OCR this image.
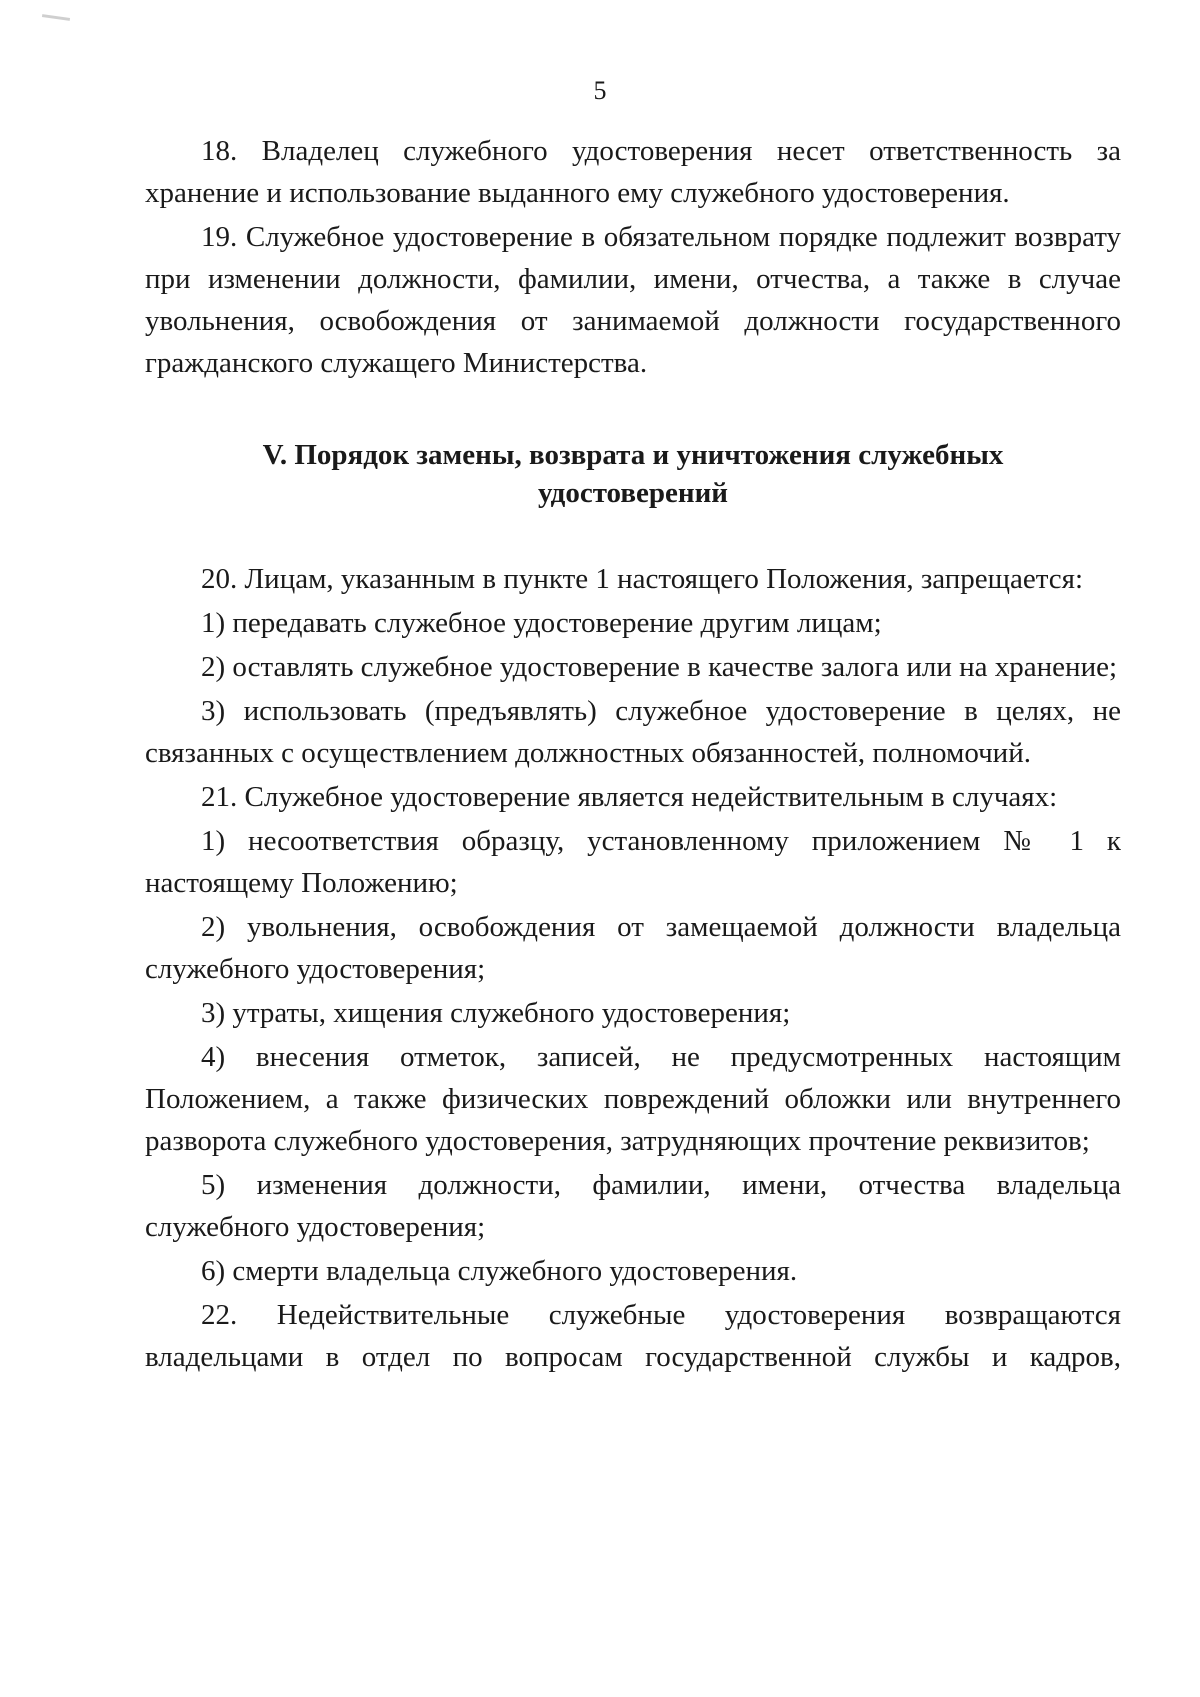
5

18. Владелец служебного удостоверения несет ответственность за хранение и использование выданного ему служебного удостоверения.

19. Служебное удостоверение в обязательном порядке подлежит возврату при изменении должности, фамилии, имени, отчества, а также в случае увольнения, освобождения от занимаемой должности государственного гражданского служащего Министерства.

V. Порядок замены, возврата и уничтожения служебных
удостоверений

20. Лицам, указанным в пункте 1 настоящего Положения, запрещается:

1) передавать служебное удостоверение другим лицам;

2) оставлять служебное удостоверение в качестве залога или на хранение;

3) использовать (предъявлять) служебное удостоверение в целях, не связанных с осуществлением должностных обязанностей, полномочий.

21. Служебное удостоверение является недействительным в случаях:

1) несоответствия образцу, установленному приложением № 1 к настоящему Положению;

2) увольнения, освобождения от замещаемой должности владельца служебного удостоверения;

3) утраты, хищения служебного удостоверения;

4) внесения отметок, записей, не предусмотренных настоящим Положением, а также физических повреждений обложки или внутреннего разворота служебного удостоверения, затрудняющих прочтение реквизитов;

5) изменения должности, фамилии, имени, отчества владельца служебного удостоверения;

6) смерти владельца служебного удостоверения.

22. Недействительные служебные удостоверения возвращаются владельцами в отдел по вопросам государственной службы и кадров,
